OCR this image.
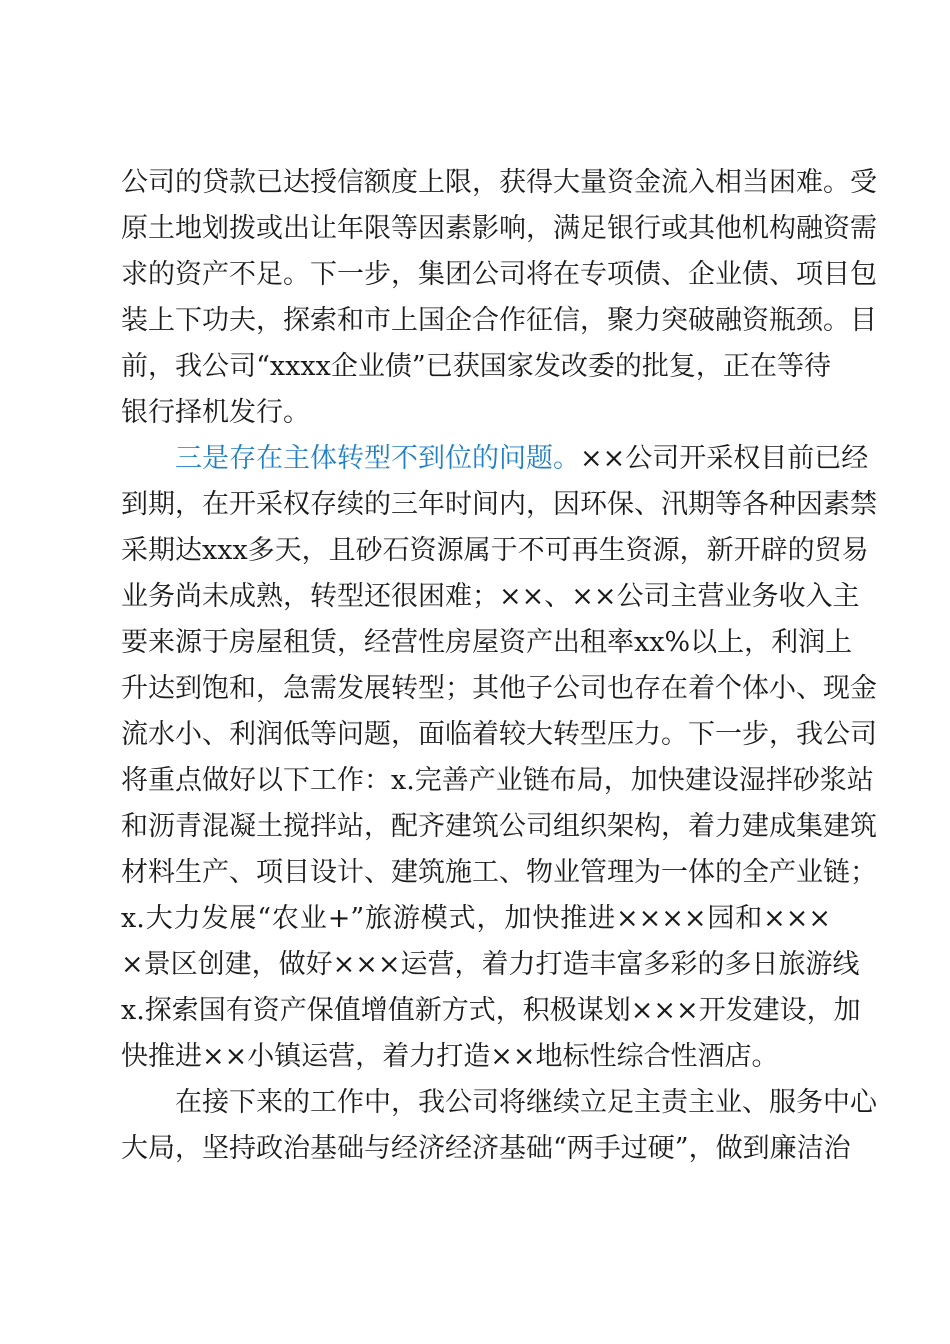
公司的贷款已达授信额度上限，获得大量资金流入相当困难。受
原土地划拨或出让年限等因素影响，满足银行或其他机构融资需
求的资产不足。下一步，集团公司将在专项债、企业债、项目包
装上下功夫，探索和市上国企合作征信，聚力突破融资瓶颈。目
前，我公司“xxxx企业债”已获国家发改委的批复，正在等待
银行择机发行。
三是存在主体转型不到位的问题。××公司开采权目前已经
到期，在开采权存续的三年时间内，因环保、汛期等各种因素禁
采期达xxx多天，且砂石资源属于不可再生资源，新开辟的贸易
业务尚未成熟，转型还很困难；××、××公司主营业务收入主
要来源于房屋租赁，经营性房屋资产出租率xx%以上，利润上
升达到饱和，急需发展转型；其他子公司也存在着个体小、现金
流水小、利润低等问题，面临着较大转型压力。下一步，我公司
将重点做好以下工作：x.完善产业链布局，加快建设湿拌砂浆站
和沥青混凝土搅拌站，配齐建筑公司组织架构，着力建成集建筑
材料生产、项目设计、建筑施工、物业管理为一体的全产业链；
x.大力发展“农业+”旅游模式，加快推进××××园和×××
×景区创建，做好×××运营，着力打造丰富多彩的多日旅游线
x.探索国有资产保值增值新方式，积极谋划×××开发建设，加
快推进××小镇运营，着力打造××地标性综合性酒店。
在接下来的工作中，我公司将继续立足主责主业、服务中心
大局，坚持政治基础与经济经济基础“两手过硬”，做到廉洁治
